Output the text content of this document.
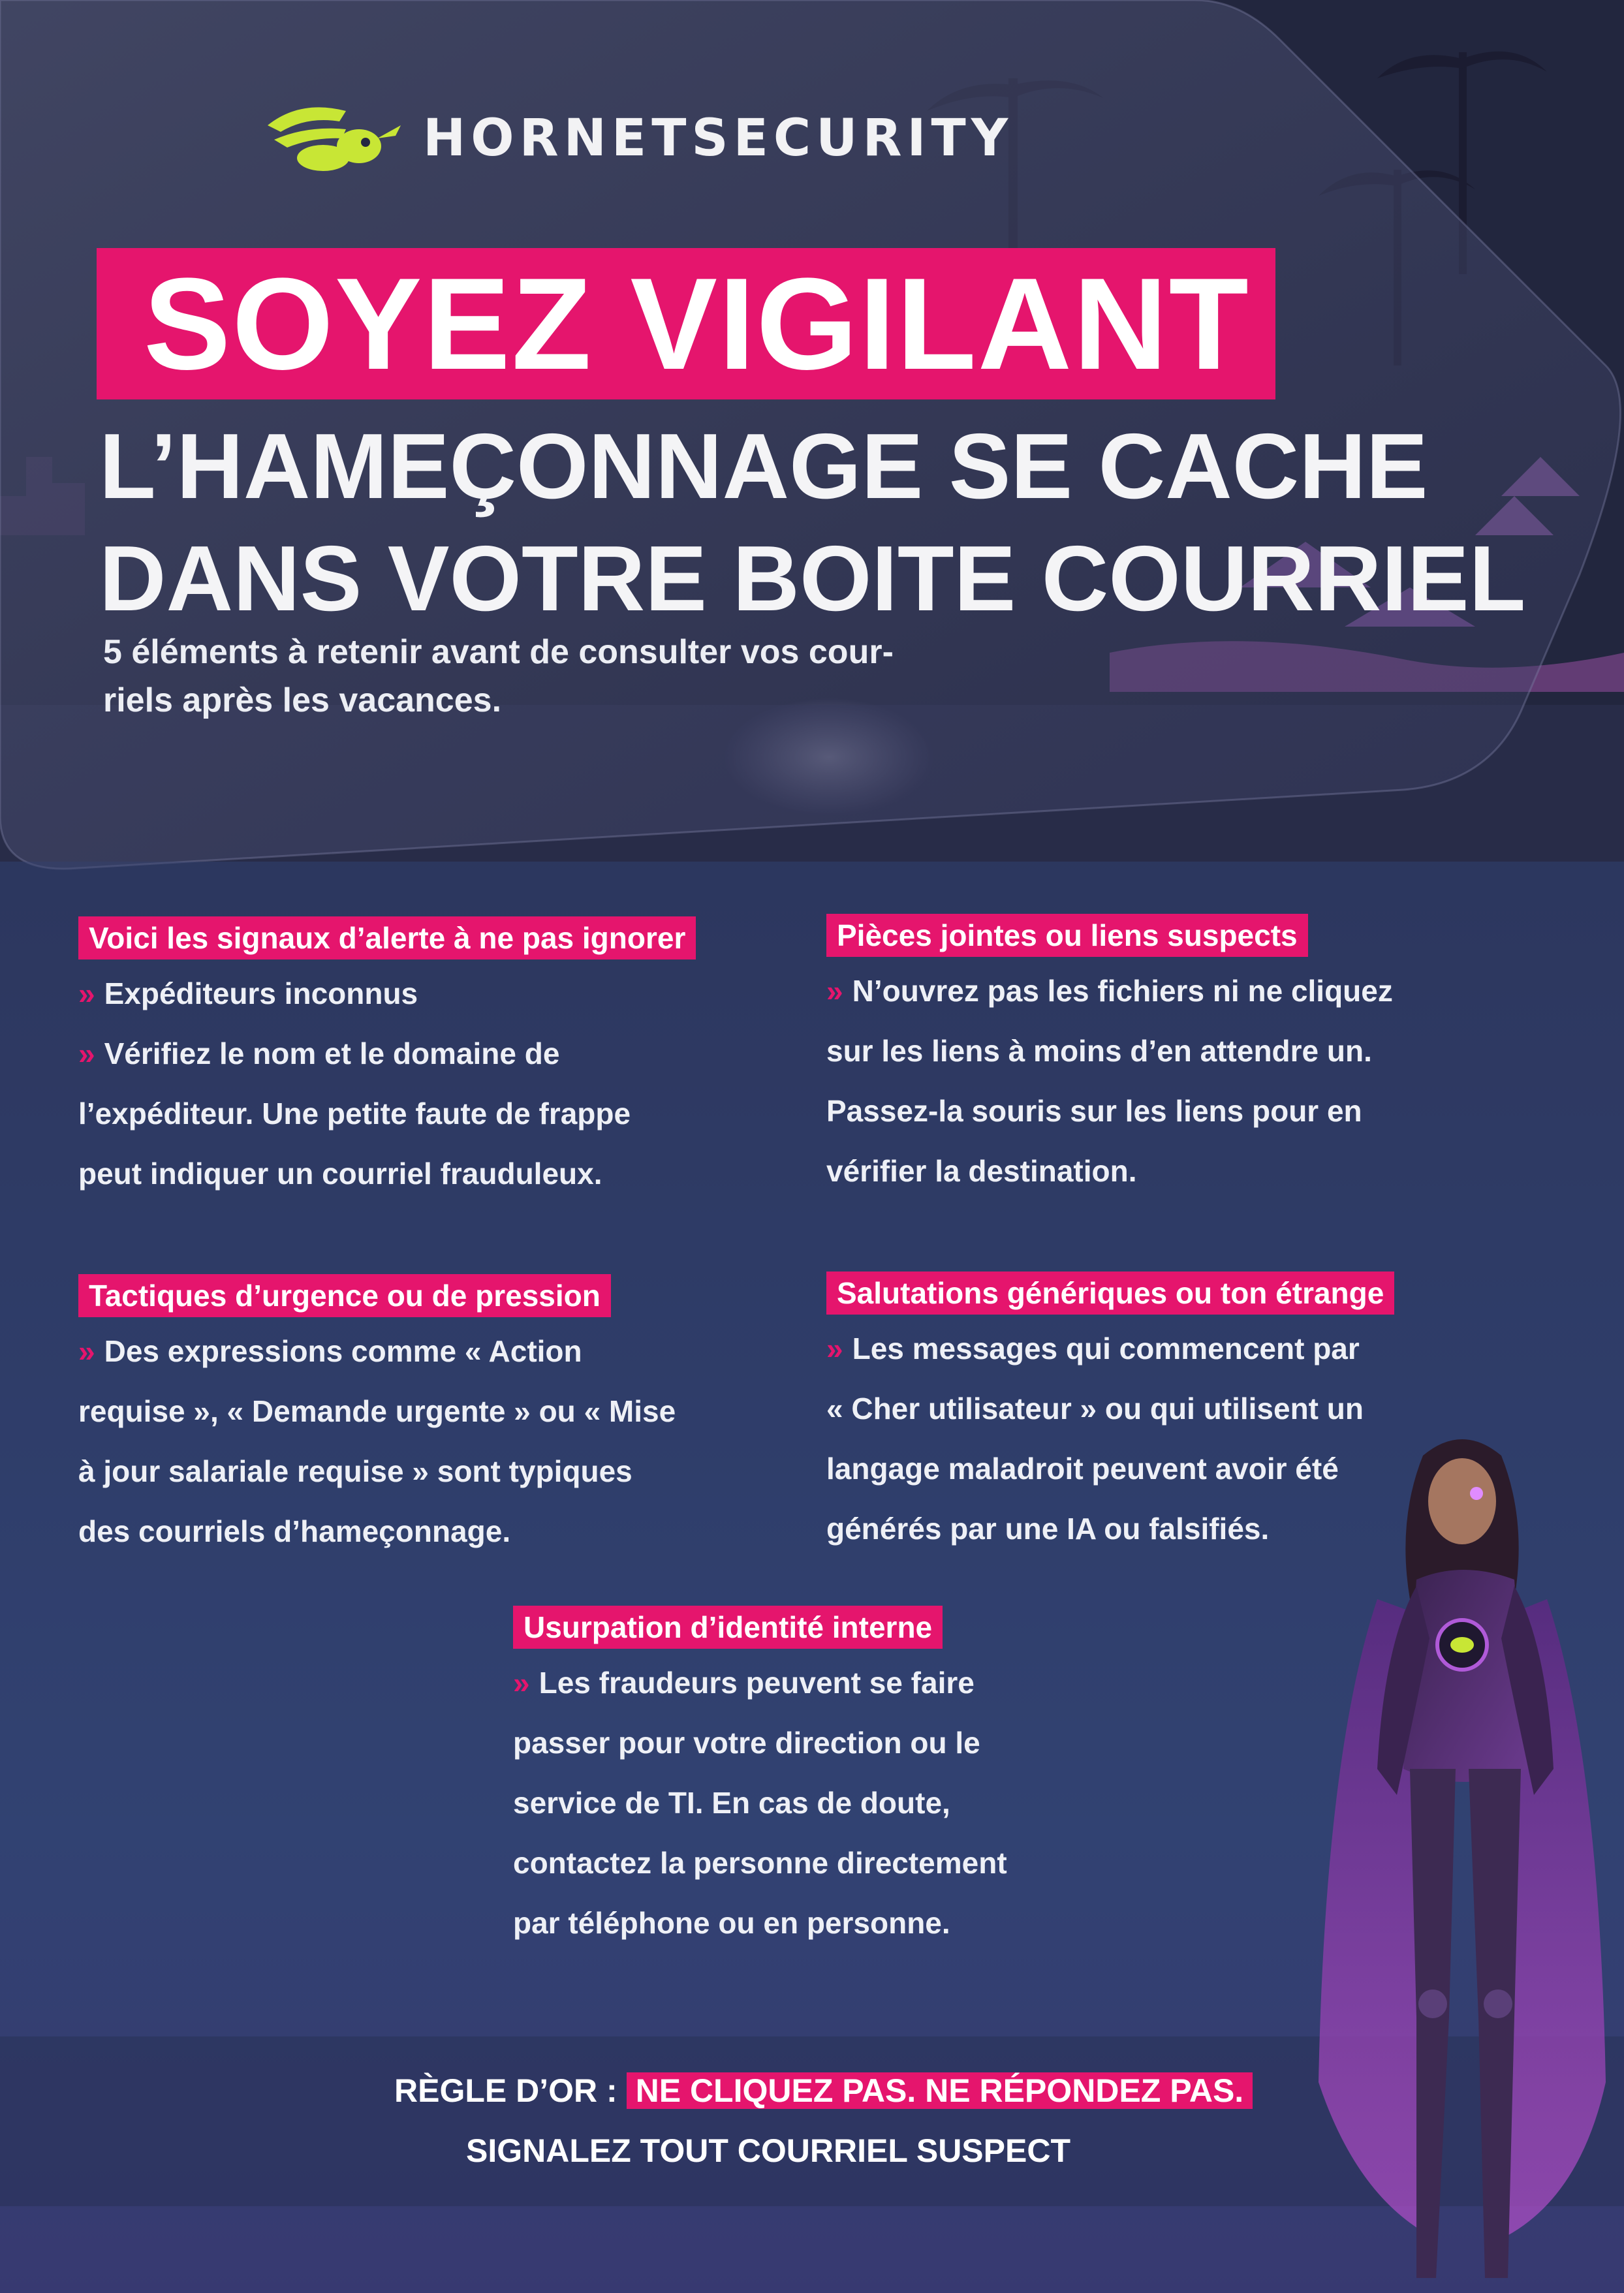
HORNETSECURITY
SOYEZ VIGILANT
L’HAMEÇONNAGE SE CACHE
DANS VOTRE BOITE COURRIEL
5 éléments à retenir avant de consulter vos cour-
riels après les vacances.
Voici les signaux d’alerte à ne pas ignorer

» Expéditeurs inconnus

» Vérifiez le nom et le domaine de

l’expéditeur. Une petite faute de frappe

peut indiquer un courriel frauduleux.

Pièces jointes ou liens suspects

» N’ouvrez pas les fichiers ni ne cliquez

sur les liens à moins d’en attendre un.

Passez-la souris sur les liens pour en

vérifier la destination.

Tactiques d’urgence ou de pression

» Des expressions comme « Action

requise », « Demande urgente » ou « Mise

à jour salariale requise » sont typiques

des courriels d’hameçonnage.

Salutations génériques ou ton étrange

» Les messages qui commencent par

« Cher utilisateur » ou qui utilisent un

langage maladroit peuvent avoir été

générés par une IA ou falsifiés.

Usurpation d’identité interne

» Les fraudeurs peuvent se faire

passer pour votre direction ou le

service de TI. En cas de doute,

contactez la personne directement

par téléphone ou en personne.

RÈGLE D’OR : NE CLIQUEZ PAS. NE RÉPONDEZ PAS.
SIGNALEZ TOUT COURRIEL SUSPECT
